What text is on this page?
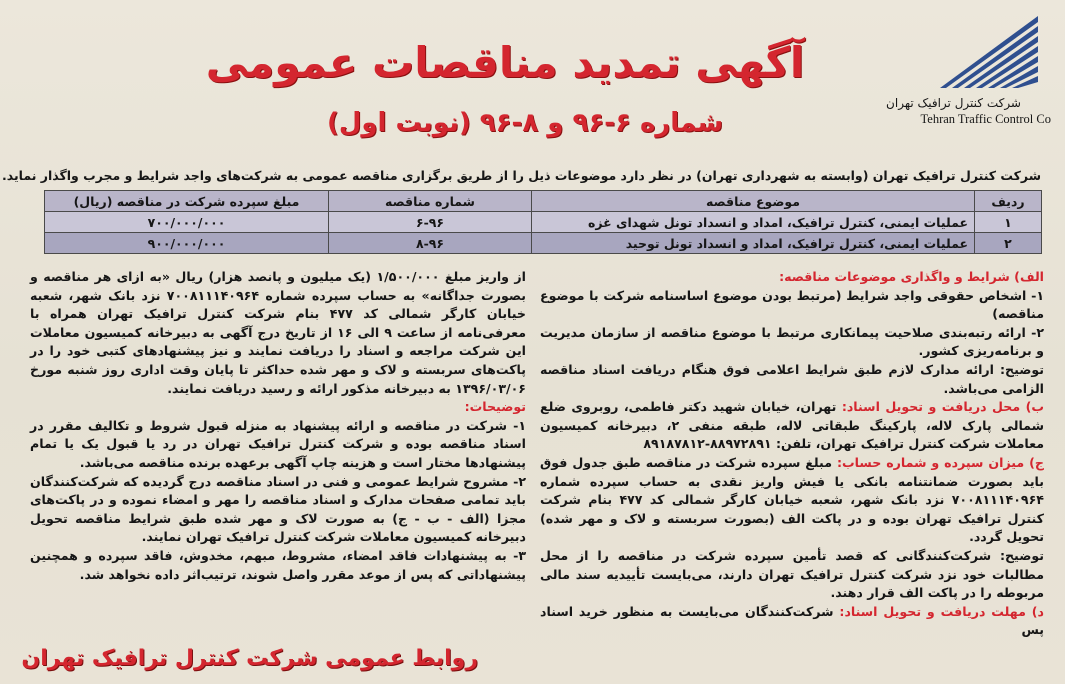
شرکت کنترل ترافیک تهران
Tehran Traffic Control Co
آگهی تمدید مناقصات عمومی
شماره ۶-۹۶ و ۸-۹۶ (نوبت اول)
شرکت کنترل ترافیک تهران (وابسته به شهرداری تهران) در نظر دارد موضوعات ذیل را از طریق برگزاری مناقصه عمومی به شرکت‌های واجد شرایط و مجرب واگذار نماید.
ردیف	موضوع مناقصه	شماره مناقصه	مبلغ سپرده شرکت در مناقصه (ریال)
۱	عملیات ایمنی، کنترل ترافیک، امداد و انسداد تونل شهدای غزه	۶-۹۶	۷۰۰/۰۰۰/۰۰۰
۲	عملیات ایمنی، کنترل ترافیک، امداد و انسداد تونل توحید	۸-۹۶	۹۰۰/۰۰۰/۰۰۰

الف) شرایط و واگذاری موضوعات مناقصه:

۱- اشخاص حقوقی واجد شرایط (مرتبط بودن موضوع اساسنامه شرکت با موضوع مناقصه)

۲- ارائه رتبه‌بندی صلاحیت پیمانکاری مرتبط با موضوع مناقصه از سازمان مدیریت و برنامه‌ریزی کشور.

توضیح: ارائه مدارک لازم طبق شرایط اعلامی فوق هنگام دریافت اسناد مناقصه الزامی می‌باشد.

ب) محل دریافت و تحویل اسناد: تهران، خیابان شهید دکتر فاطمی، روبروی ضلع شمالی پارک لاله، پارکینگ طبقاتی لاله، طبقه منفی ۲، دبیرخانه کمیسیون معاملات شرکت کنترل ترافیک تهران، تلفن: ۸۸۹۷۲۸۹۱-۸۹۱۸۷۸۱۲

ج) میزان سپرده و شماره حساب: مبلغ سپرده شرکت در مناقصه طبق جدول فوق باید بصورت ضمانتنامه بانکی یا فیش واریز نقدی به حساب سپرده شماره ۷۰۰۸۱۱۱۴۰۹۶۴ نزد بانک شهر، شعبه خیابان کارگر شمالی کد ۴۷۷ بنام شرکت کنترل ترافیک تهران بوده و در پاکت الف (بصورت سربسته و لاک و مهر شده) تحویل گردد.

توضیح: شرکت‌کنندگانی که قصد تأمین سپرده شرکت در مناقصه را از محل مطالبات خود نزد شرکت کنترل ترافیک تهران دارند، می‌بایست تأییدیه سند مالی مربوطه را در پاکت الف قرار دهند.

د) مهلت دریافت و تحویل اسناد: شرکت‌کنندگان می‌بایست به منظور خرید اسناد پس

از واریز مبلغ ۱/۵۰۰/۰۰۰ (یک میلیون و پانصد هزار) ریال «به ازای هر مناقصه و بصورت جداگانه» به حساب سپرده شماره ۷۰۰۸۱۱۱۴۰۹۶۴ نزد بانک شهر، شعبه خیابان کارگر شمالی کد ۴۷۷ بنام شرکت کنترل ترافیک تهران همراه با معرفی‌نامه از ساعت ۹ الی ۱۶ از تاریخ درج آگهی به دبیرخانه کمیسیون معاملات این شرکت مراجعه و اسناد را دریافت نمایند و نیز پیشنهادهای کتبی خود را در پاکت‌های سربسته و لاک و مهر شده حداکثر تا پایان وقت اداری روز شنبه مورخ ۱۳۹۶/۰۳/۰۶ به دبیرخانه مذکور ارائه و رسید دریافت نمایند.

توضیحات:

۱- شرکت در مناقصه و ارائه پیشنهاد به منزله قبول شروط و تکالیف مقرر در اسناد مناقصه بوده و شرکت کنترل ترافیک تهران در رد یا قبول یک یا تمام پیشنهادها مختار است و هزینه چاپ آگهی برعهده برنده مناقصه می‌باشد.

۲- مشروح شرایط عمومی و فنی در اسناد مناقصه درج گردیده که شرکت‌کنندگان باید تمامی صفحات مدارک و اسناد مناقصه را مهر و امضاء نموده و در پاکت‌های مجزا (الف - ب - ج) به صورت لاک و مهر شده طبق شرایط مناقصه تحویل دبیرخانه کمیسیون معاملات شرکت کنترل ترافیک تهران نمایند.

۳- به پیشنهادات فاقد امضاء، مشروط، مبهم، مخدوش، فاقد سپرده و همچنین پیشنهاداتی که پس از موعد مقرر واصل شوند، ترتیب‌اثر داده نخواهد شد.

روابط عمومی شرکت کنترل ترافیک تهران
